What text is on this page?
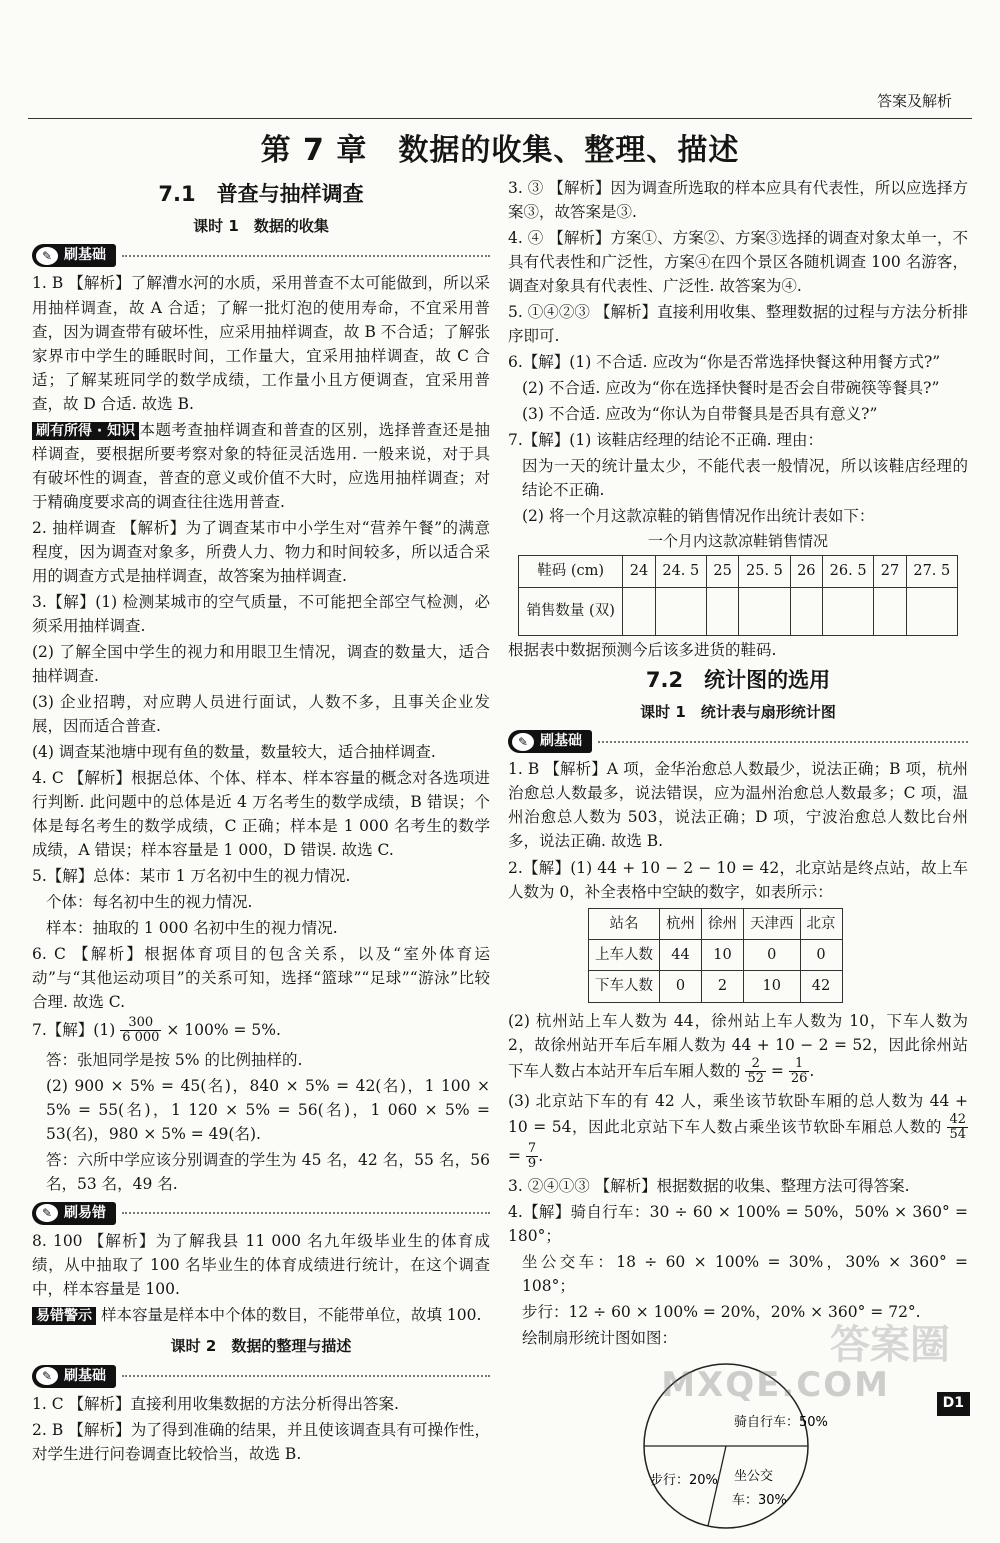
答案及解析
第 7 章　数据的收集、整理、描述
7.1　普查与抽样调查
课时 1　数据的收集
✎ 刷基础
1. B 【解析】了解漕水河的水质，采用普查不太可能做到，所以采用抽样调查，故 A 合适；了解一批灯泡的使用寿命，不宜采用普查，因为调查带有破坏性，应采用抽样调查，故 B 不合适；了解张家界市中学生的睡眠时间，工作量大，宜采用抽样调查，故 C 合适；了解某班同学的数学成绩，工作量小且方便调查，宜采用普查，故 D 合适. 故选 B.
刷有所得 · 知识 本题考查抽样调查和普查的区别，选择普查还是抽样调查，要根据所要考察对象的特征灵活选用. 一般来说，对于具有破坏性的调查，普查的意义或价值不大时，应选用抽样调查；对于精确度要求高的调查往往选用普查.
2. 抽样调查 【解析】为了调查某市中小学生对“营养午餐”的满意程度，因为调查对象多，所费人力、物力和时间较多，所以适合采用的调查方式是抽样调查，故答案为抽样调查.
3.【解】(1) 检测某城市的空气质量，不可能把全部空气检测，必须采用抽样调查.
(2) 了解全国中学生的视力和用眼卫生情况，调查的数量大，适合抽样调查.
(3) 企业招聘，对应聘人员进行面试，人数不多，且事关企业发展，因而适合普查.
(4) 调查某池塘中现有鱼的数量，数量较大，适合抽样调查.
4. C 【解析】根据总体、个体、样本、样本容量的概念对各选项进行判断. 此问题中的总体是近 4 万名考生的数学成绩，B 错误；个体是每名考生的数学成绩，C 正确；样本是 1 000 名考生的数学成绩，A 错误；样本容量是 1 000，D 错误. 故选 C.
5.【解】总体：某市 1 万名初中生的视力情况.
个体：每名初中生的视力情况.
样本：抽取的 1 000 名初中生的视力情况.
6. C 【解析】根据体育项目的包含关系，以及“室外体育运动”与“其他运动项目”的关系可知，选择“篮球”“足球”“游泳”比较合理. 故选 C.
7.【解】$(1) \frac{300}{6 000} \times 100\% = 5\%$.
答：张旭同学是按 5% 的比例抽样的.
(2) 900 × 5% = 45(名)，840 × 5% = 42(名)，1 100 × 5% = 55(名)，1 120 × 5% = 56(名)，1 060 × 5% = 53(名)，980 × 5% = 49(名).
答：六所中学应该分别调查的学生为 45 名，42 名，55 名，56 名，53 名，49 名.
✎ 刷易错
8. 100 【解析】为了解我县 11 000 名九年级毕业生的体育成绩，从中抽取了 100 名毕业生的体育成绩进行统计，在这个调查中，样本容量是 100.
易错警示 样本容量是样本中个体的数目，不能带单位，故填 100.
课时 2　数据的整理与描述
✎ 刷基础
1. C 【解析】直接利用收集数据的方法分析得出答案.
2. B 【解析】为了得到准确的结果，并且使该调查具有可操作性，对学生进行问卷调查比较恰当，故选 B.
3. ③ 【解析】因为调查所选取的样本应具有代表性，所以应选择方案③，故答案是③.
4. ④ 【解析】方案①、方案②、方案③选择的调查对象太单一，不具有代表性和广泛性，方案④在四个景区各随机调查 100 名游客，调查对象具有代表性、广泛性. 故答案为④.
5. ①④②③ 【解析】直接利用收集、整理数据的过程与方法分析排序即可.
6.【解】(1) 不合适. 应改为“你是否常选择快餐这种用餐方式?”
(2) 不合适. 应改为“你在选择快餐时是否会自带碗筷等餐具?”
(3) 不合适. 应改为“你认为自带餐具是否具有意义?”
7.【解】(1) 该鞋店经理的结论不正确. 理由：
因为一天的统计量太少，不能代表一般情况，所以该鞋店经理的结论不正确.
(2) 将一个月这款凉鞋的销售情况作出统计表如下：
一个月内这款凉鞋销售情况
鞋码 (cm)	24	24. 5	25	25. 5	26	26. 5	27	27. 5
销售数量 (双)								
根据表中数据预测今后该多进货的鞋码.
7.2　统计图的选用
课时 1　统计表与扇形统计图
✎ 刷基础
1. B 【解析】A 项，金华治愈总人数最少，说法正确；B 项，杭州治愈总人数最多，说法错误，应为温州治愈总人数最多；C 项，温州治愈总人数为 503，说法正确；D 项，宁波治愈总人数比台州多，说法正确. 故选 B.
2.【解】(1) 44 + 10 − 2 − 10 = 42，北京站是终点站，故上车人数为 0，补全表格中空缺的数字，如表所示：
站名	杭州	徐州	天津西	北京
上车人数	44	10	0	0
下车人数	0	2	10	42
(2) 杭州站上车人数为 44，徐州站上车人数为 10，下车人数为 2，故徐州站开车后车厢人数为 44 + 10 − 2 = 52，因此徐州站下车人数占本站开车后车厢人数的 $\frac{2}{52} = \frac{1}{26}$ .
(3) 北京站下车的有 42 人，乘坐该节软卧车厢的总人数为 44 + 10 = 54，因此北京站下车人数占乘坐该节软卧车厢总人数的 $\frac{42}{54}$
= $\frac{7}{9}$ .
3. ②④①③ 【解析】根据数据的收集、整理方法可得答案.
4.【解】骑自行车：30 ÷ 60 × 100% = 50%，50% × 360° = 180°；
坐公交车：18 ÷ 60 × 100% = 30%，30% × 360° = 108°；
步行：12 ÷ 60 × 100% = 20%，20% × 360° = 72°.
绘制扇形统计图如图：
骑自行车：50%
步行：20% 坐公交
车：30%
答案圈
MXQE.COM	D1
